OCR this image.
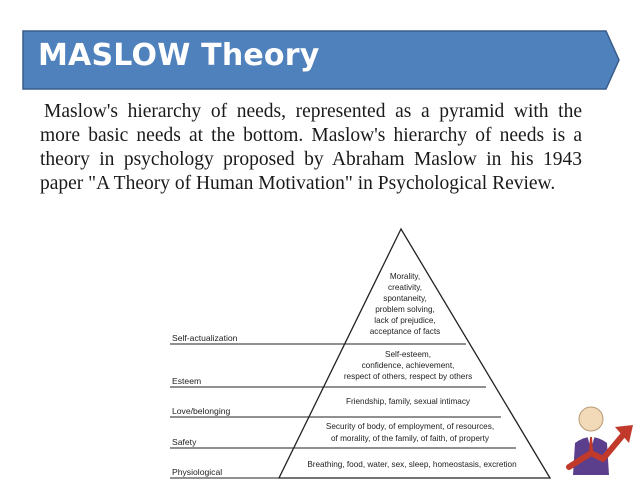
MASLOW Theory

Maslow's hierarchy of needs, represented as a pyramid with the more basic needs at the bottom. Maslow's hierarchy of needs is a theory in psychology proposed by Abraham Maslow in his 1943 paper "A Theory of Human Motivation" in Psychological Review.

Self-actualization
Esteem
Love/belonging
Safety
Physiological
Morality,
creativity,
spontaneity,
problem solving,
lack of prejudice,
acceptance of facts
Self-esteem,
confidence, achievement,
respect of others, respect by others
Friendship, family, sexual intimacy
Security of body, of employment, of resources,
of morality, of the family, of faith, of property
Breathing, food, water, sex, sleep, homeostasis, excretion
